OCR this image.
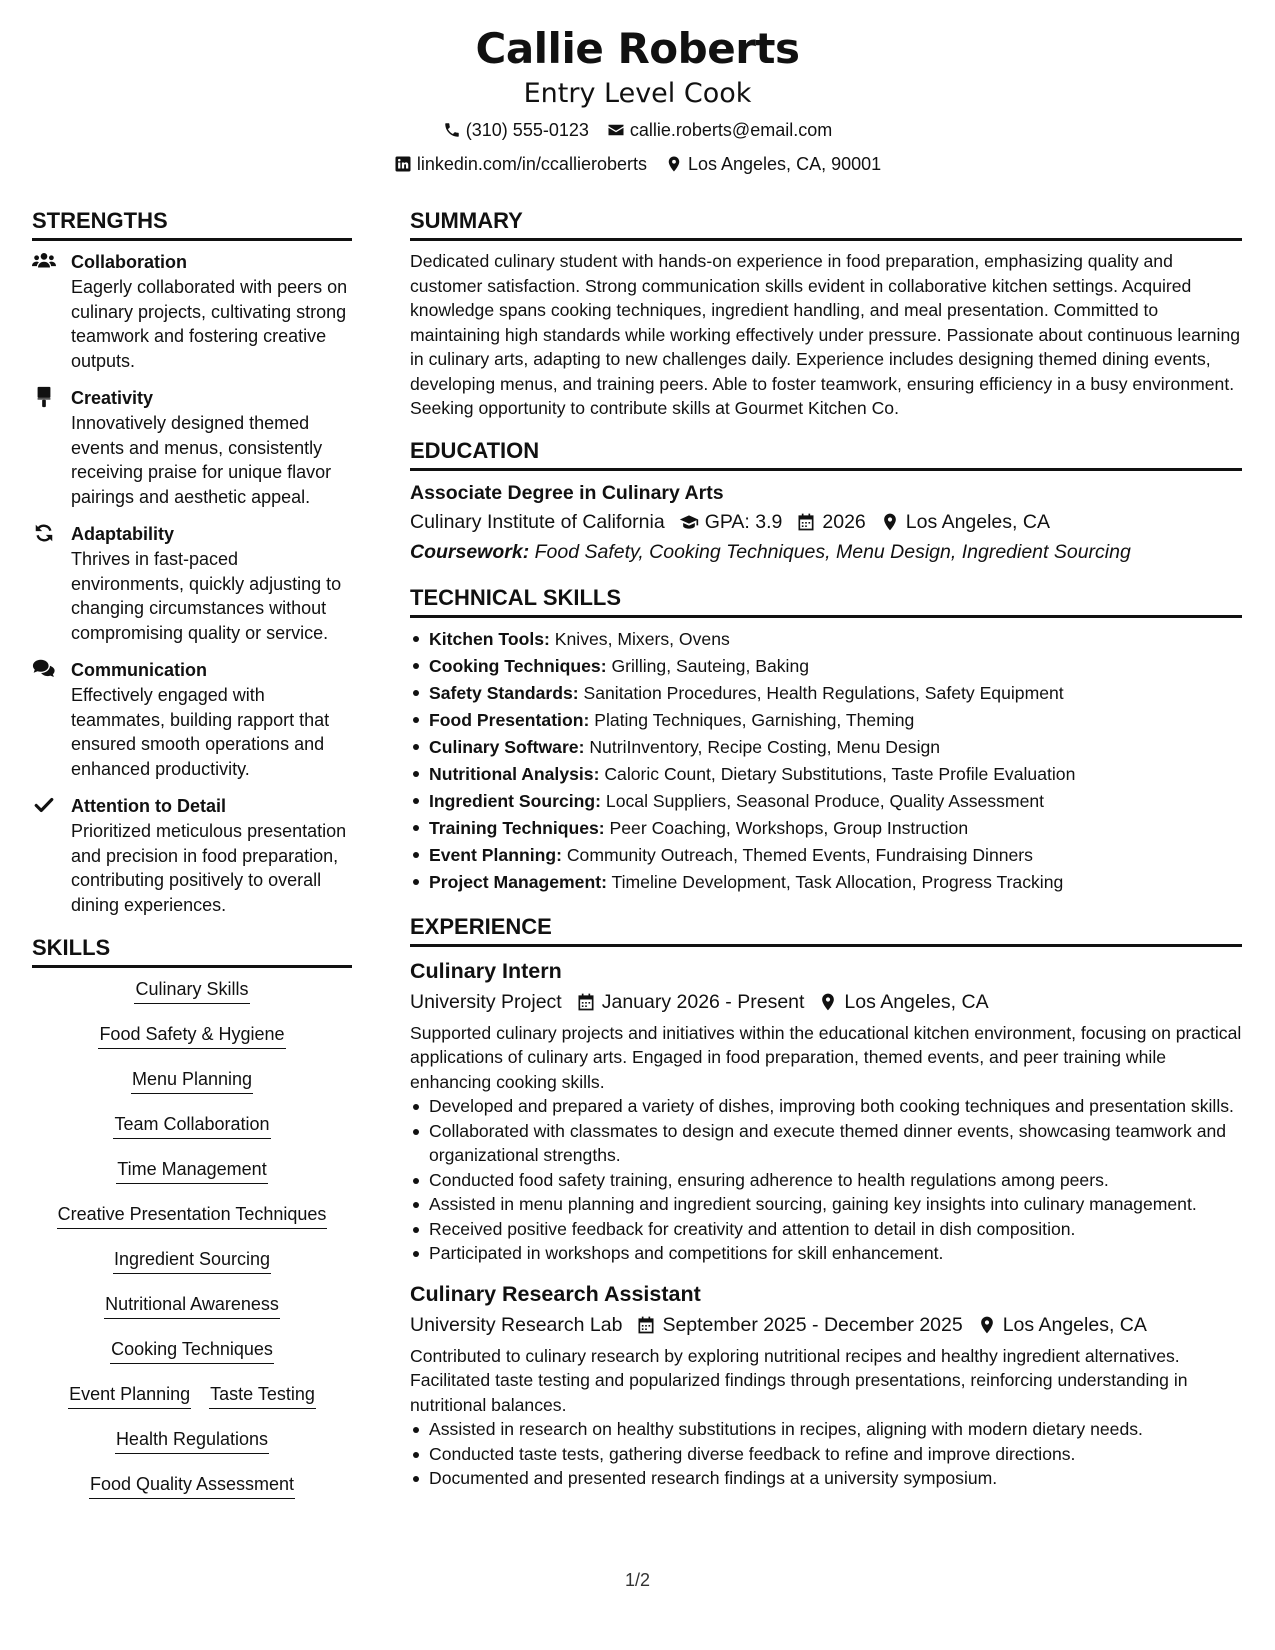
Callie Roberts
Entry Level Cook
(310) 555-0123 callie.roberts@email.com
linkedin.com/in/ccallieroberts Los Angeles, CA, 90001
STRENGTHS
Collaboration
Eagerly collaborated with peers on culinary projects, cultivating strong teamwork and fostering creative outputs.
Creativity
Innovatively designed themed events and menus, consistently receiving praise for unique flavor pairings and aesthetic appeal.
Adaptability
Thrives in fast-paced environments, quickly adjusting to changing circumstances without compromising quality or service.
Communication
Effectively engaged with teammates, building rapport that ensured smooth operations and enhanced productivity.
Attention to Detail
Prioritized meticulous presentation and precision in food preparation, contributing positively to overall dining experiences.
SKILLS
Culinary Skills
Food Safety & Hygiene
Menu Planning
Team Collaboration
Time Management
Creative Presentation Techniques
Ingredient Sourcing
Nutritional Awareness
Cooking Techniques
Event Planning Taste Testing
Health Regulations
Food Quality Assessment
SUMMARY
Dedicated culinary student with hands-on experience in food preparation, emphasizing quality and customer satisfaction. Strong communication skills evident in collaborative kitchen settings. Acquired knowledge spans cooking techniques, ingredient handling, and meal presentation. Committed to maintaining high standards while working effectively under pressure. Passionate about continuous learning in culinary arts, adapting to new challenges daily. Experience includes designing themed dining events, developing menus, and training peers. Able to foster teamwork, ensuring efficiency in a busy environment. Seeking opportunity to contribute skills at Gourmet Kitchen Co.
EDUCATION
Associate Degree in Culinary Arts
Culinary Institute of California GPA: 3.9 2026 Los Angeles, CA
Coursework: Food Safety, Cooking Techniques, Menu Design, Ingredient Sourcing
TECHNICAL SKILLS
Kitchen Tools: Knives, Mixers, Ovens
Cooking Techniques: Grilling, Sauteing, Baking
Safety Standards: Sanitation Procedures, Health Regulations, Safety Equipment
Food Presentation: Plating Techniques, Garnishing, Theming
Culinary Software: NutriInventory, Recipe Costing, Menu Design
Nutritional Analysis: Caloric Count, Dietary Substitutions, Taste Profile Evaluation
Ingredient Sourcing: Local Suppliers, Seasonal Produce, Quality Assessment
Training Techniques: Peer Coaching, Workshops, Group Instruction
Event Planning: Community Outreach, Themed Events, Fundraising Dinners
Project Management: Timeline Development, Task Allocation, Progress Tracking
EXPERIENCE
Culinary Intern
University Project January 2026 - Present Los Angeles, CA
Supported culinary projects and initiatives within the educational kitchen environment, focusing on practical applications of culinary arts. Engaged in food preparation, themed events, and peer training while enhancing cooking skills.
Developed and prepared a variety of dishes, improving both cooking techniques and presentation skills.
Collaborated with classmates to design and execute themed dinner events, showcasing teamwork and organizational strengths.
Conducted food safety training, ensuring adherence to health regulations among peers.
Assisted in menu planning and ingredient sourcing, gaining key insights into culinary management.
Received positive feedback for creativity and attention to detail in dish composition.
Participated in workshops and competitions for skill enhancement.
Culinary Research Assistant
University Research Lab September 2025 - December 2025 Los Angeles, CA
Contributed to culinary research by exploring nutritional recipes and healthy ingredient alternatives. Facilitated taste testing and popularized findings through presentations, reinforcing understanding in nutritional balances.
Assisted in research on healthy substitutions in recipes, aligning with modern dietary needs.
Conducted taste tests, gathering diverse feedback to refine and improve directions.
Documented and presented research findings at a university symposium.
1/2
